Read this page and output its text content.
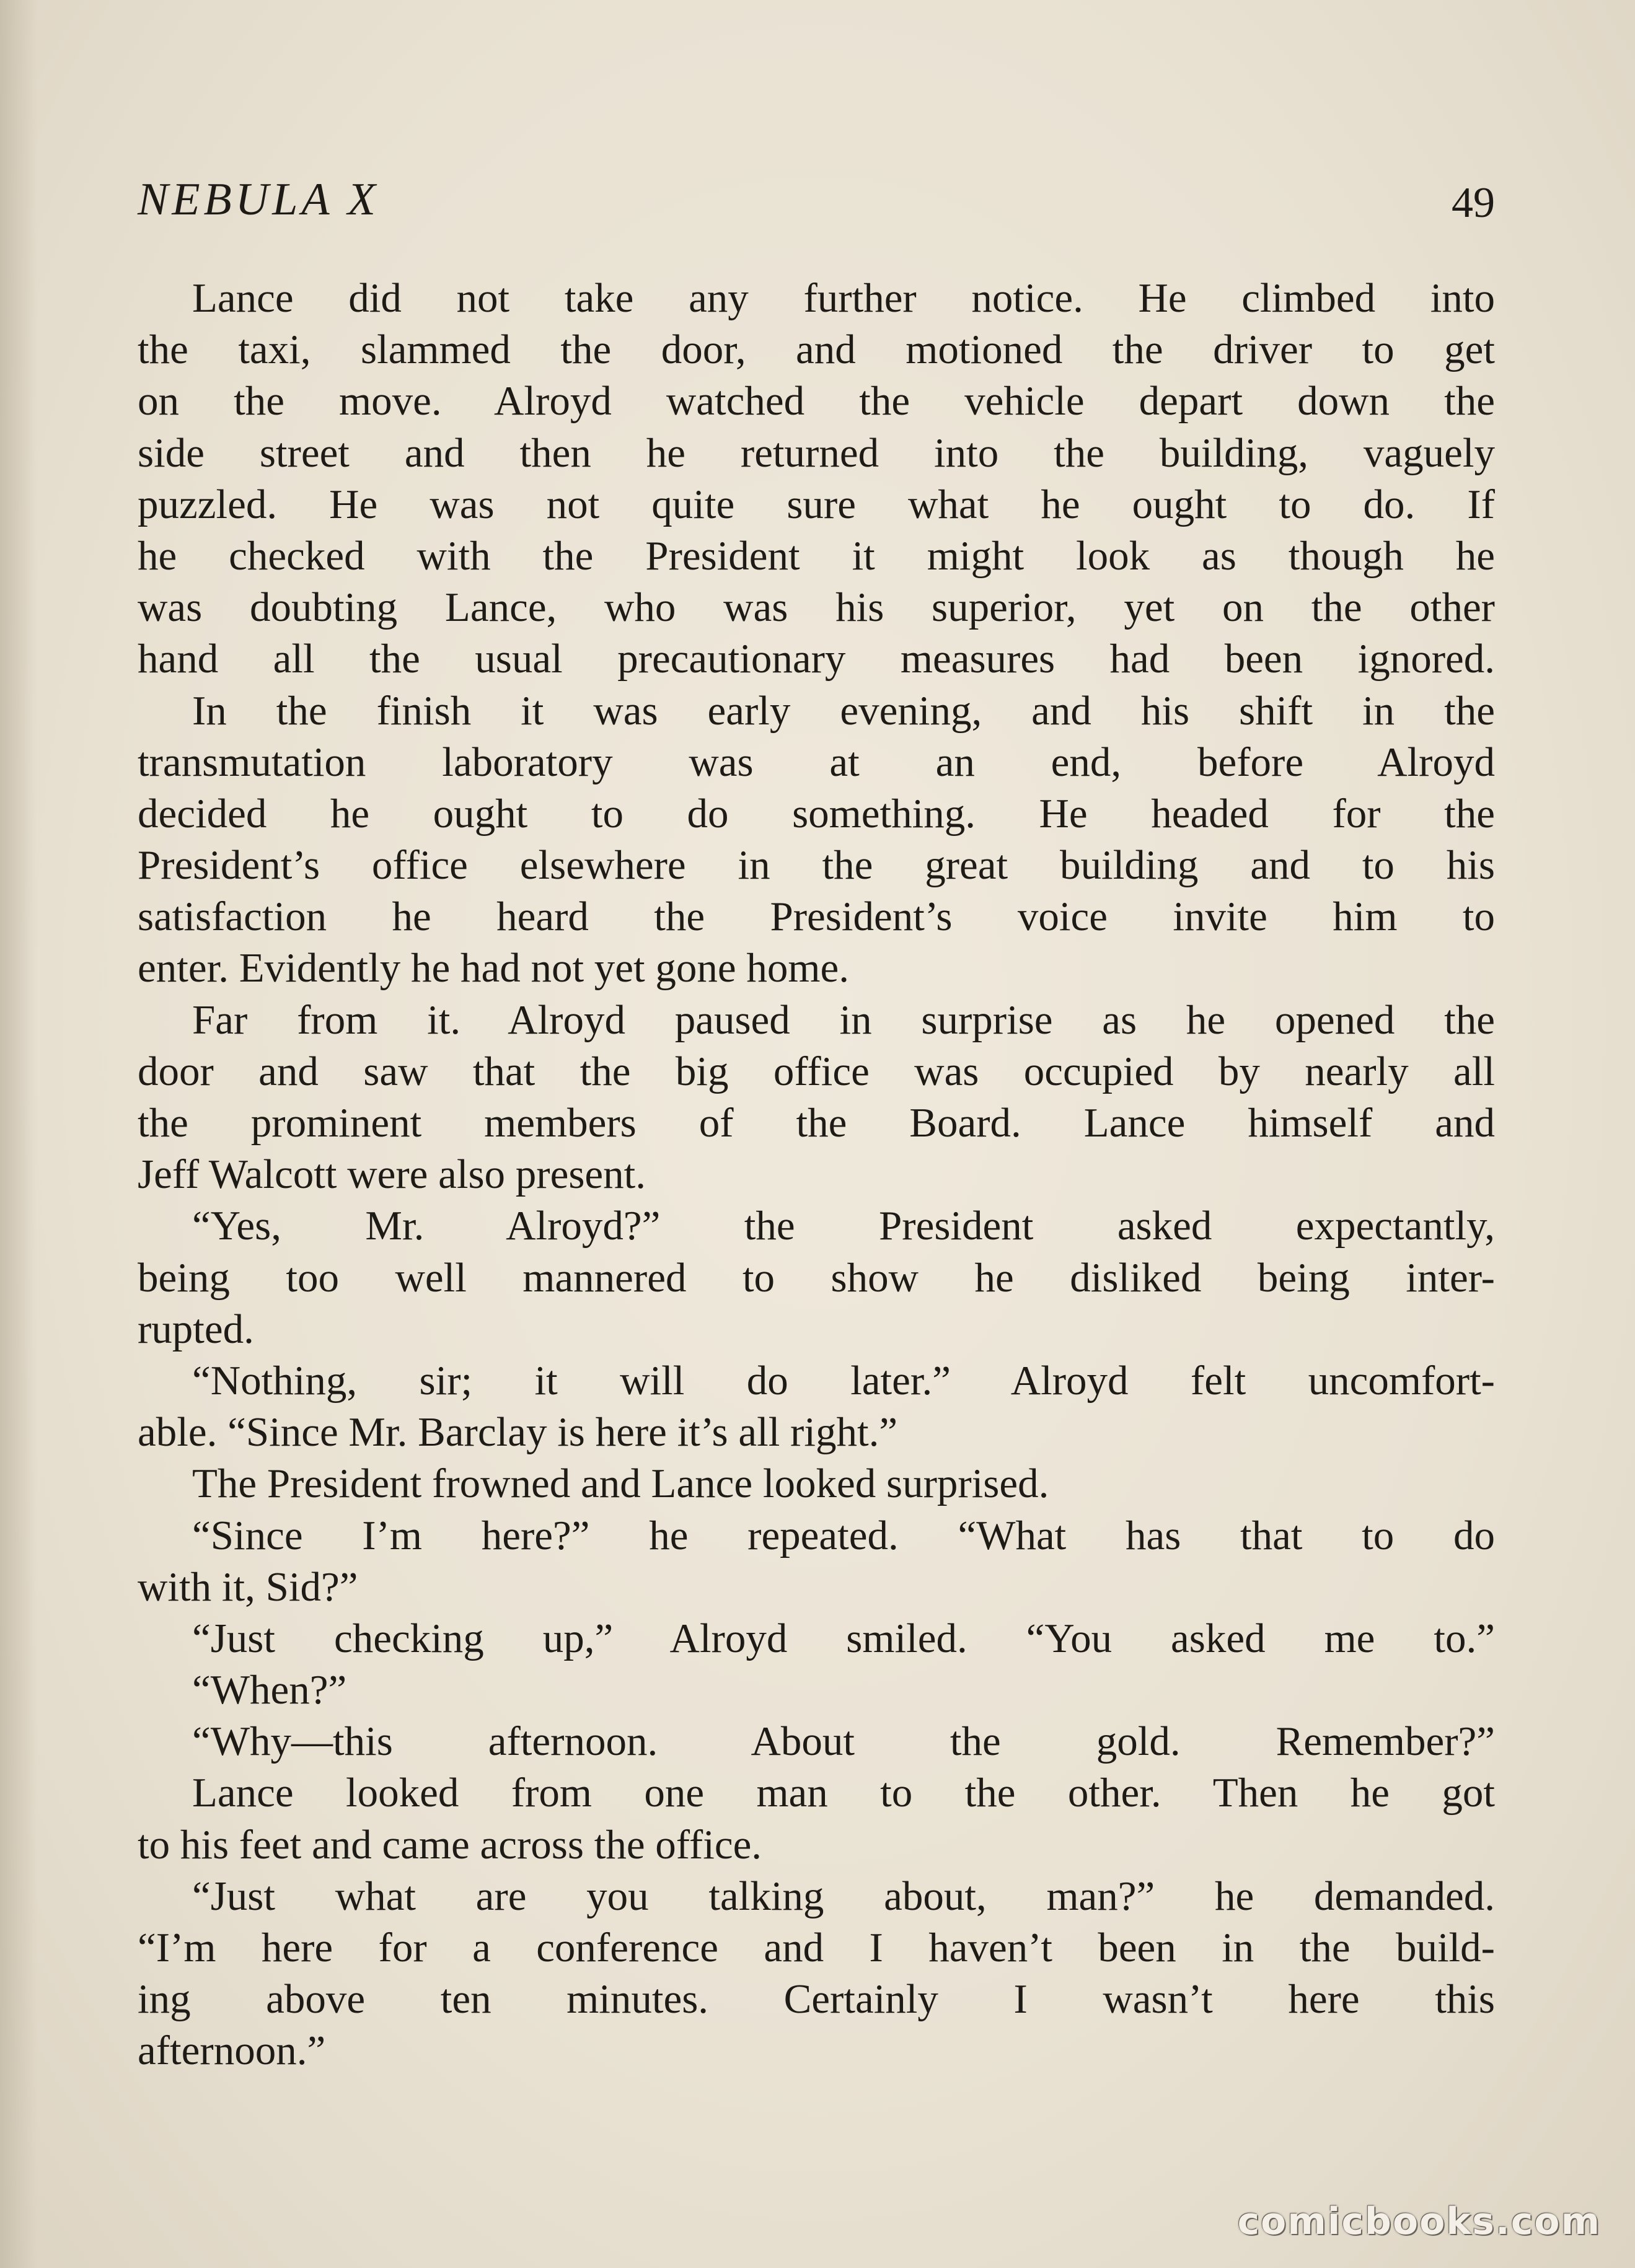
NEBULA X	49
Lance did not take any further notice. He climbed into
the taxi, slammed the door, and motioned the driver to get
on the move. Alroyd watched the vehicle depart down the
side street and then he returned into the building, vaguely
puzzled. He was not quite sure what he ought to do. If
he checked with the President it might look as though he
was doubting Lance, who was his superior, yet on the other
hand all the usual precautionary measures had been ignored.
In the finish it was early evening, and his shift in the
transmutation laboratory was at an end, before Alroyd
decided he ought to do something. He headed for the
President’s office elsewhere in the great building and to his
satisfaction he heard the President’s voice invite him to
enter. Evidently he had not yet gone home.
Far from it. Alroyd paused in surprise as he opened the
door and saw that the big office was occupied by nearly all
the prominent members of the Board. Lance himself and
Jeff Walcott were also present.
“Yes, Mr. Alroyd?” the President asked expectantly,
being too well mannered to show he disliked being inter-
rupted.
“Nothing, sir; it will do later.” Alroyd felt uncomfort-
able. “Since Mr. Barclay is here it’s all right.”
The President frowned and Lance looked surprised.
“Since I’m here?” he repeated. “What has that to do
with it, Sid?”
“Just checking up,” Alroyd smiled. “You asked me to.”
“When?”
“Why—this afternoon. About the gold. Remember?”
Lance looked from one man to the other. Then he got
to his feet and came across the office.
“Just what are you talking about, man?” he demanded.
“I’m here for a conference and I haven’t been in the build-
ing above ten minutes. Certainly I wasn’t here this
afternoon.”
comicbooks.com
